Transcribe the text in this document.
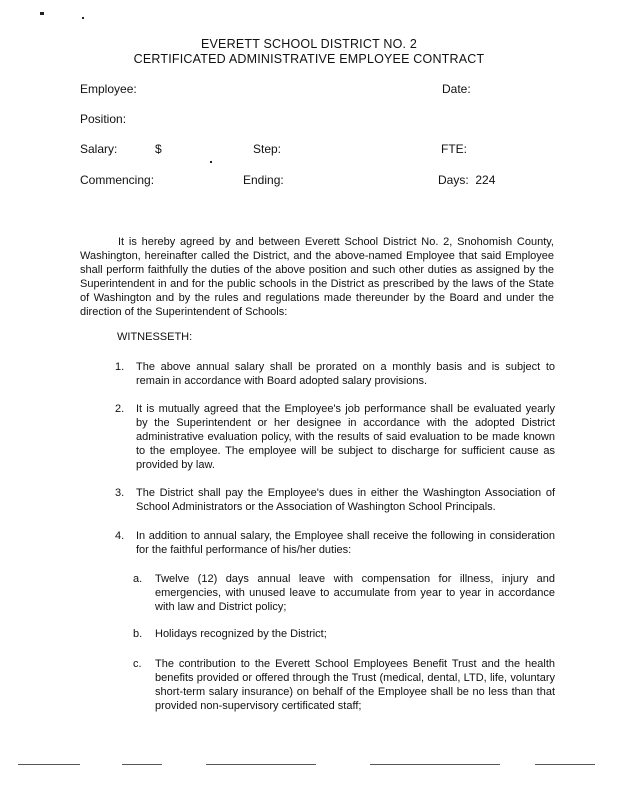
EVERETT SCHOOL DISTRICT NO. 2
CERTIFICATED ADMINISTRATIVE EMPLOYEE CONTRACT
Employee:	Date:
Position:
Salary:	$	Step:	FTE:
Commencing:	Ending:	Days:  224

It is hereby agreed by and between Everett School District No. 2, Snohomish County, Washington, hereinafter called the District, and the above-named Employee that said Employee shall perform faithfully the duties of the above position and such other duties as assigned by the Superintendent in and for the public schools in the District as prescribed by the laws of the State of Washington and by the rules and regulations made thereunder by the Board and under the direction of the Superintendent of Schools:

WITNESSETH:
1. The above annual salary shall be prorated on a monthly basis and is subject to remain in accordance with Board adopted salary provisions.
2. It is mutually agreed that the Employee's job performance shall be evaluated yearly by the Superintendent or her designee in accordance with the adopted District administrative evaluation policy, with the results of said evaluation to be made known to the employee. The employee will be subject to discharge for sufficient cause as provided by law.
3. The District shall pay the Employee's dues in either the Washington Association of School Administrators or the Association of Washington School Principals.
4. In addition to annual salary, the Employee shall receive the following in consideration for the faithful performance of his/her duties:
a. Twelve (12) days annual leave with compensation for illness, injury and emergencies, with unused leave to accumulate from year to year in accordance with law and District policy;
b. Holidays recognized by the District;
c. The contribution to the Everett School Employees Benefit Trust and the health benefits provided or offered through the Trust (medical, dental, LTD, life, voluntary short-term salary insurance) on behalf of the Employee shall be no less than that provided non-supervisory certificated staff;
